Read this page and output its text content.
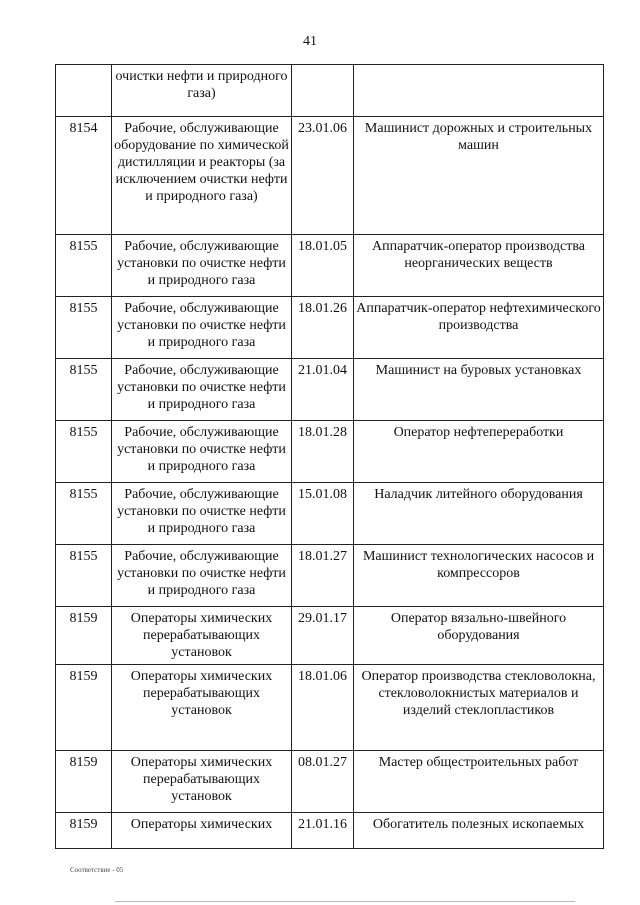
41
	очистки нефти и природного газа)		
8154	Рабочие, обслуживающие оборудование по химической дистилляции и реакторы (за исключением очистки нефти и природного газа)	23.01.06	Машинист дорожных и строительных машин
8155	Рабочие, обслуживающие установки по очистке нефти и природного газа	18.01.05	Аппаратчик-оператор производства неорганических веществ
8155	Рабочие, обслуживающие установки по очистке нефти и природного газа	18.01.26	Аппаратчик-оператор нефтехимического производства
8155	Рабочие, обслуживающие установки по очистке нефти и природного газа	21.01.04	Машинист на буровых установках
8155	Рабочие, обслуживающие установки по очистке нефти и природного газа	18.01.28	Оператор нефтепереработки
8155	Рабочие, обслуживающие установки по очистке нефти и природного газа	15.01.08	Наладчик литейного оборудования
8155	Рабочие, обслуживающие установки по очистке нефти и природного газа	18.01.27	Машинист технологических насосов и компрессоров
8159	Операторы химических перерабатывающих установок	29.01.17	Оператор вязально-швейного оборудования
8159	Операторы химических перерабатывающих установок	18.01.06	Оператор производства стекловолокна, стекловолокнистых материалов и изделий стеклопластиков
8159	Операторы химических перерабатывающих установок	08.01.27	Мастер общестроительных работ
8159	Операторы химических	21.01.16	Обогатитель полезных ископаемых
Соответствие - 05
